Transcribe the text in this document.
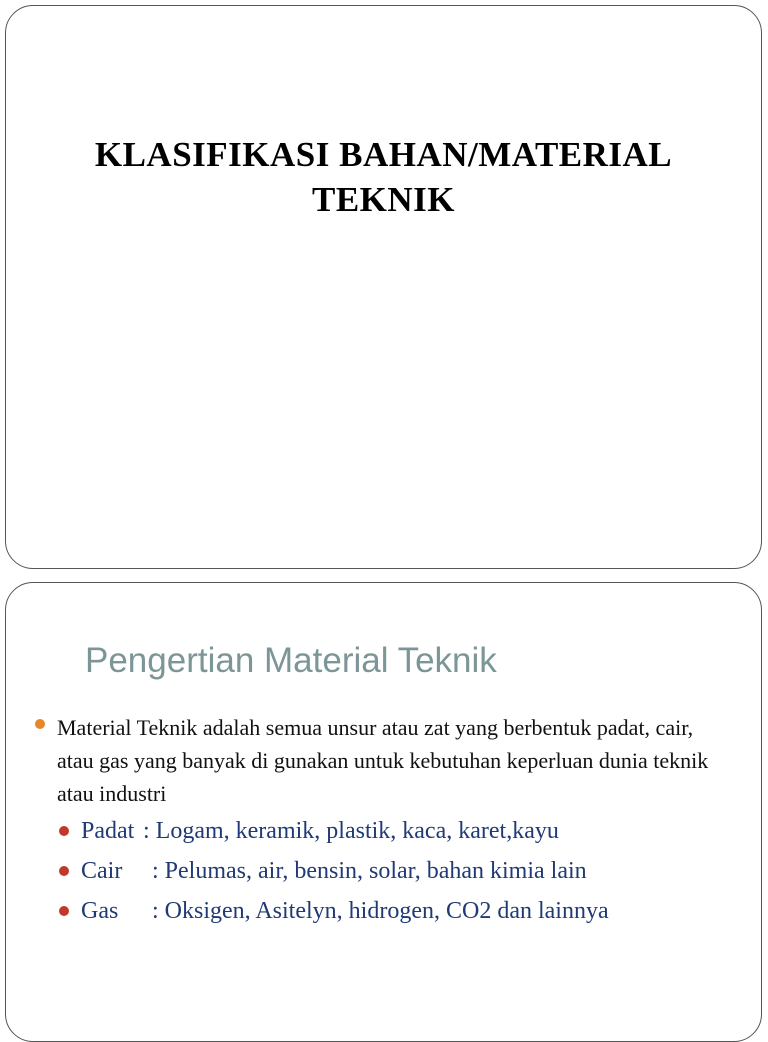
KLASIFIKASI BAHAN/MATERIAL
TEKNIK
Pengertian Material Teknik
Material Teknik adalah semua unsur atau zat yang berbentuk padat, cair, atau gas yang banyak di gunakan untuk kebutuhan keperluan dunia teknik atau industri
Padat : Logam, keramik, plastik, kaca, karet,kayu
Cair : Pelumas, air, bensin, solar, bahan kimia lain
Gas : Oksigen, Asitelyn, hidrogen, CO2 dan lainnya
